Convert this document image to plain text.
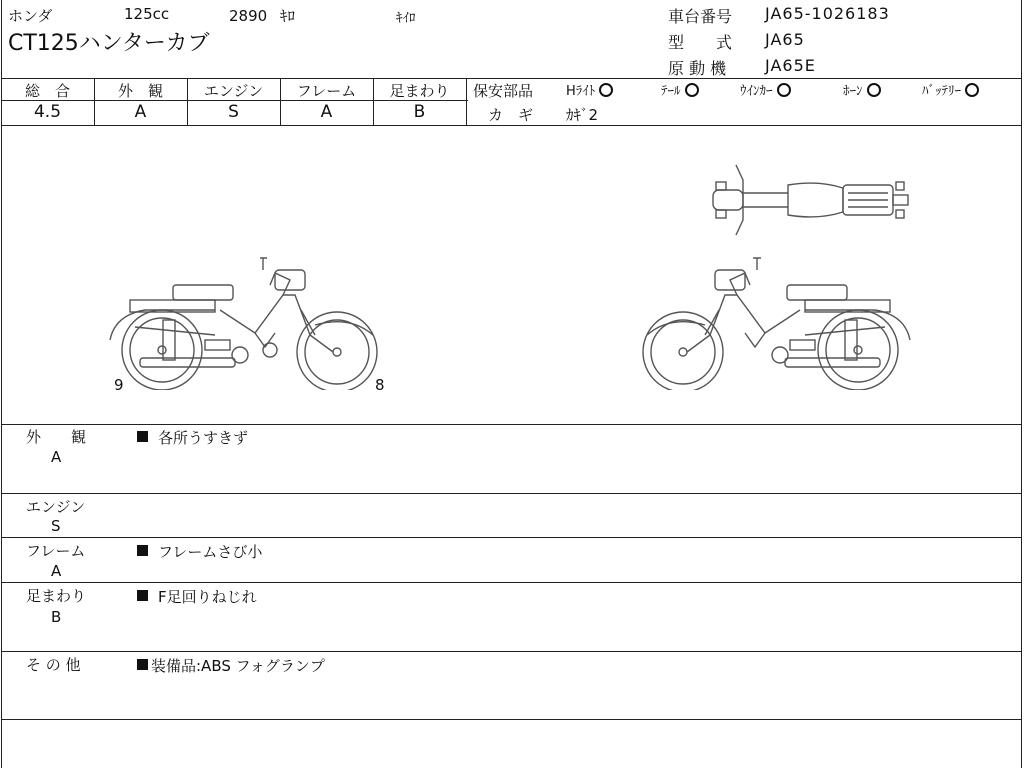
ホンダ	125cc	2890 ｷﾛ	ｷｲﾛ
CT125ハンターカブ
車台番号 JA65-1026183
型　　式 JA65
原 動 機 JA65E
総　合	外　観	エンジン	フレーム	足まわり
4.5	A	S	A	B
保安部品	Hﾗｲﾄ	ﾃｰﾙ	ｳｲﾝｶｰ	ﾎｰﾝ	ﾊﾞｯﾃﾘｰ
カ　ギ ｶｷﾞ2
9	8
外　　観
A
各所うすきず
エンジン
S
フレーム
A
フレームさび小
足まわり
B
F足回りねじれ
そ の 他	装備品:ABS フォグランプ
